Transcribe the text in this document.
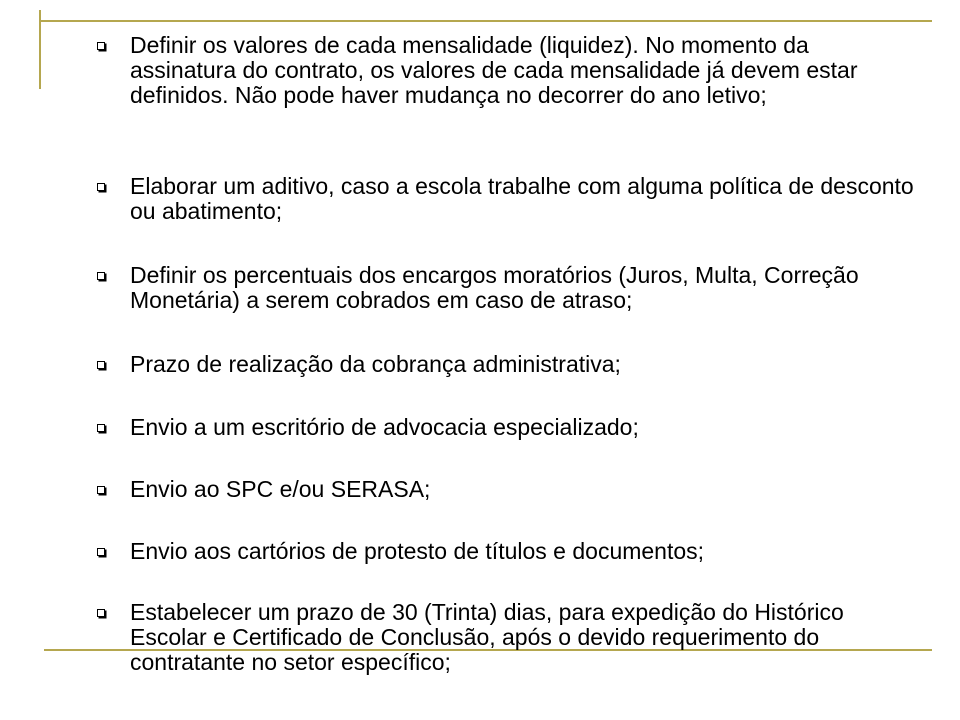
Definir os valores de cada mensalidade (liquidez). No momento da assinatura do contrato, os valores de cada mensalidade já devem estar definidos. Não pode haver mudança no decorrer do ano letivo;
Elaborar um aditivo, caso a escola trabalhe com alguma política de desconto ou abatimento;
Definir os percentuais dos encargos moratórios (Juros, Multa, Correção Monetária) a serem cobrados em caso de atraso;
Prazo de realização da cobrança administrativa;
Envio a um escritório de advocacia especializado;
Envio ao SPC e/ou SERASA;
Envio aos cartórios de protesto de títulos e documentos;
Estabelecer um prazo de 30 (Trinta) dias, para expedição do Histórico Escolar e Certificado de Conclusão, após o devido requerimento do contratante no setor específico;
